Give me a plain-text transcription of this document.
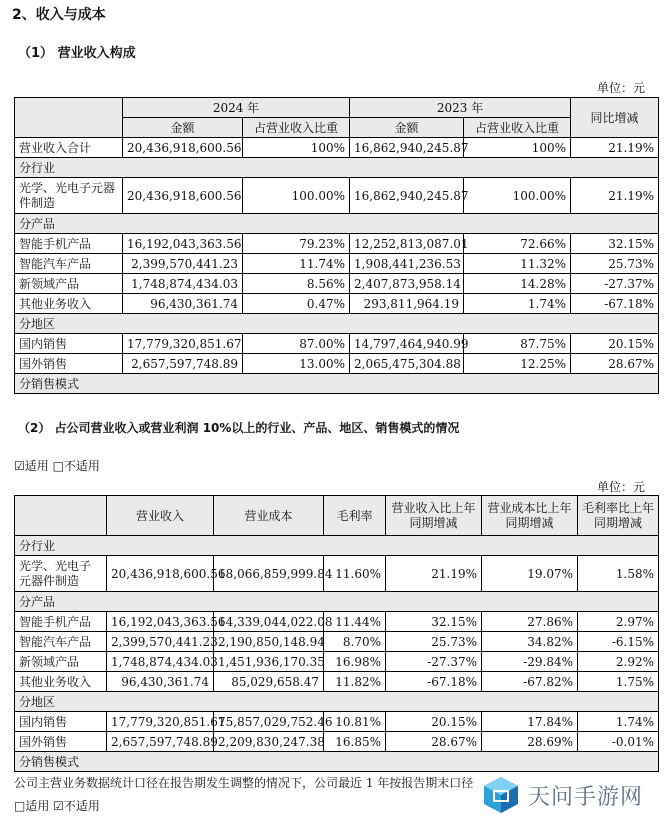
2、收入与成本
（1） 营业收入构成
单位：元
	2024 年		2023 年		同比增减
	金额	占营业收入比重	金额	占营业收入比重	
营业收入合计	20,436,918,600.56	100%	16,862,940,245.87	100%	21.19%
分行业					
光学、光电子元器件制造	20,436,918,600.56	100.00%	16,862,940,245.87	100.00%	21.19%
分产品					
智能手机产品	16,192,043,363.56	79.23%	12,252,813,087.01	72.66%	32.15%
智能汽车产品	2,399,570,441.23	11.74%	1,908,441,236.53	11.32%	25.73%
新领域产品	1,748,874,434.03	8.56%	2,407,873,958.14	14.28%	-27.37%
其他业务收入	96,430,361.74	0.47%	293,811,964.19	1.74%	-67.18%
分地区					
国内销售	17,779,320,851.67	87.00%	14,797,464,940.99	87.75%	20.15%
国外销售	2,657,597,748.89	13.00%	2,065,475,304.88	12.25%	28.67%
分销售模式					
（2） 占公司营业收入或营业利润 10%以上的行业、产品、地区、销售模式的情况
☑适用 □不适用
单位：元
	营业收入	营业成本	毛利率	营业收入比上年同期增减	营业成本比上年同期增减	毛利率比上年同期增减
分行业						
光学、光电子元器件制造	20,436,918,600.56	18,066,859,999.84	11.60%	21.19%	19.07%	1.58%
分产品						
智能手机产品	16,192,043,363.56	14,339,044,022.08	11.44%	32.15%	27.86%	2.97%
智能汽车产品	2,399,570,441.23	2,190,850,148.94	8.70%	25.73%	34.82%	-6.15%
新领域产品	1,748,874,434.03	1,451,936,170.35	16.98%	-27.37%	-29.84%	2.92%
其他业务收入	96,430,361.74	85,029,658.47	11.82%	-67.18%	-67.82%	1.75%
分地区						
国内销售	17,779,320,851.67	15,857,029,752.46	10.81%	20.15%	17.84%	1.74%
国外销售	2,657,597,748.89	2,209,830,247.38	16.85%	28.67%	28.69%	-0.01%
分销售模式						
公司主营业务数据统计口径在报告期发生调整的情况下，公司最近 1 年按报告期末口径
□适用 ☑不适用	天问手游网
